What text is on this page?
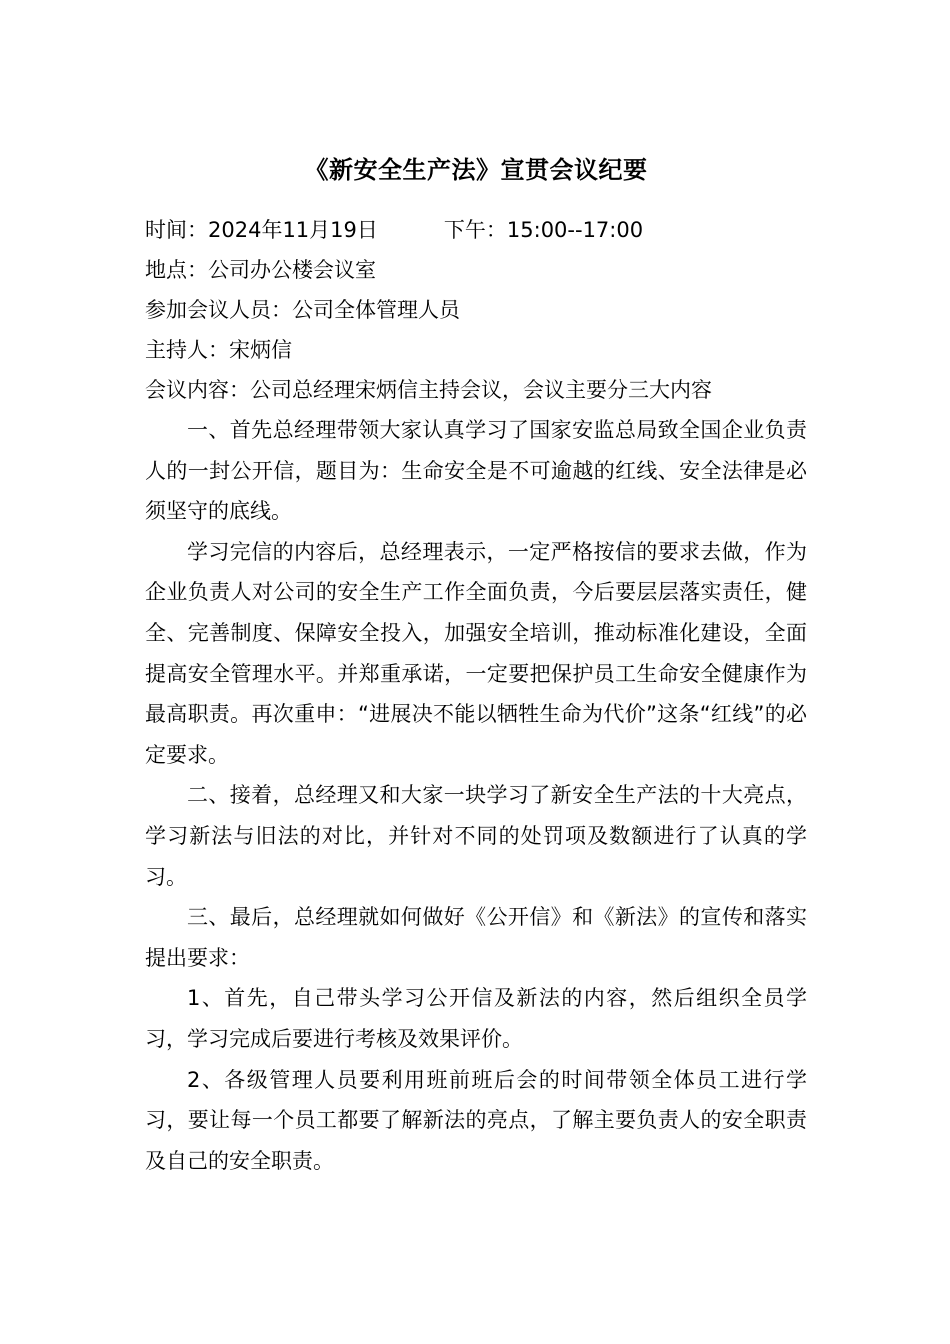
《新安全生产法》宣贯会议纪要

时间：2024年11月19日	下午：15:00--17:00

地点：公司办公楼会议室

参加会议人员：公司全体管理人员

主持人：宋炳信

会议内容：公司总经理宋炳信主持会议，会议主要分三大内容

一、首先总经理带领大家认真学习了国家安监总局致全国企业负责人的一封公开信，题目为：生命安全是不可逾越的红线、安全法律是必须坚守的底线。

学习完信的内容后，总经理表示，一定严格按信的要求去做，作为企业负责人对公司的安全生产工作全面负责，今后要层层落实责任，健全、完善制度、保障安全投入，加强安全培训，推动标准化建设，全面提高安全管理水平。并郑重承诺，一定要把保护员工生命安全健康作为最高职责。再次重申：“进展决不能以牺牲生命为代价”这条“红线”的必定要求。

二、接着，总经理又和大家一块学习了新安全生产法的十大亮点，学习新法与旧法的对比，并针对不同的处罚项及数额进行了认真的学习。

三、最后，总经理就如何做好《公开信》和《新法》的宣传和落实提出要求：

1、首先，自己带头学习公开信及新法的内容，然后组织全员学习，学习完成后要进行考核及效果评价。

2、各级管理人员要利用班前班后会的时间带领全体员工进行学习，要让每一个员工都要了解新法的亮点，了解主要负责人的安全职责及自己的安全职责。
